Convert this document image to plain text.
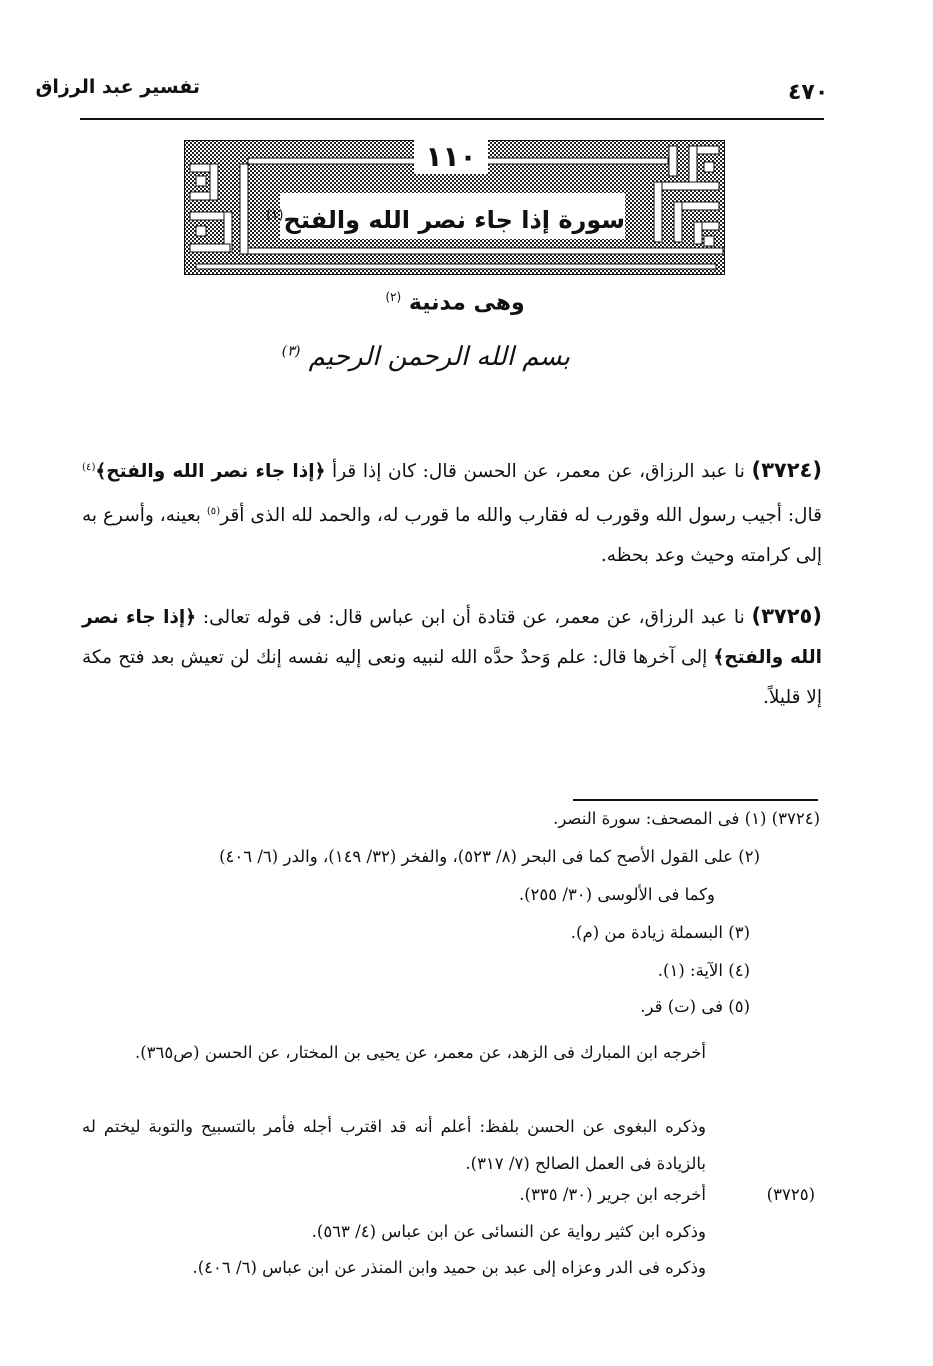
تفسير عبد الرزاق	٤٧٠
١١٠
سورة إذا جاء نصر الله والفتح$^{(١)}$
وهى مدنية $^{(٢)}$
بسم الله الرحمن الرحيم $^{(٣)}$
(٣٧٢٤) نا عبد الرزاق، عن معمر، عن الحسن قال: كان إذا قرأ ﴿إذا جاء نصر الله والفتح﴾$^{(٤)}$ قال: أجيب رسول الله وقورب له فقارب والله ما قورب له، والحمد لله الذى أقر$^{(٥)}$ بعينه، وأسرع به إلى كرامته وحيث وعد بحظه.
(٣٧٢٥) نا عبد الرزاق، عن معمر، عن قتادة أن ابن عباس قال: فى قوله تعالى: ﴿إذا جاء نصر الله والفتح﴾ إلى آخرها قال: علم وَحدٌ حدَّه الله لنبيه ونعى إليه نفسه إنك لن تعيش بعد فتح مكة إلا قليلاً.
(٣٧٢٤) (١) فى المصحف: سورة النصر.
(٢) على القول الأصح كما فى البحر (٨/ ٥٢٣)، والفخر (٣٢/ ١٤٩)، والدر (٦/ ٤٠٦)
وكما فى الألوسى (٣٠/ ٢٥٥).
(٣) البسملة زيادة من (م).
(٤) الآية: (١).
(٥) فى (ت) قر.
أخرجه ابن المبارك فى الزهد، عن معمر، عن يحيى بن المختار، عن الحسن (ص٣٦٥).
وذكره البغوى عن الحسن بلفظ: أعلم أنه قد اقترب أجله فأمر بالتسبيح والتوبة ليختم له بالزيادة فى العمل الصالح (٧/ ٣١٧).
(٣٧٢٥)
أخرجه ابن جرير (٣٠/ ٣٣٥).
وذكره ابن كثير رواية عن النسائى عن ابن عباس (٤/ ٥٦٣).
وذكره فى الدر وعزاه إلى عبد بن حميد وابن المنذر عن ابن عباس (٦/ ٤٠٦).
